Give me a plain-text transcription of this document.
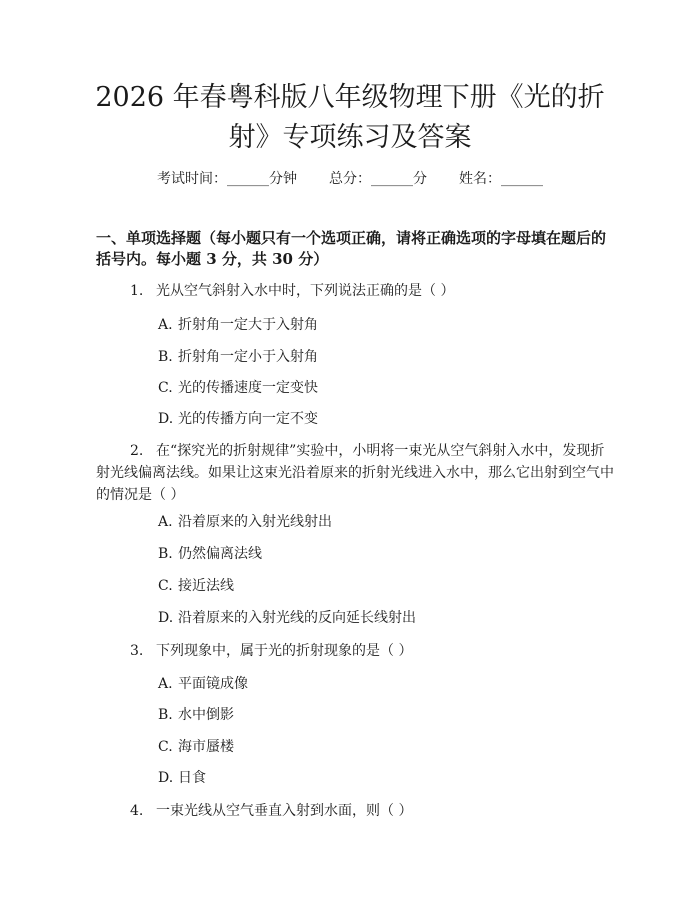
2026 年春粤科版八年级物理下册《光的折
射》专项练习及答案
考试时间：______分钟 总分：______分 姓名：______
一、单项选择题（每小题只有一个选项正确，请将正确选项的字母填在题后的括号内。每小题 3 分，共 30 分）
1. 光从空气斜射入水中时，下列说法正确的是（ ）
A. 折射角一定大于入射角
B. 折射角一定小于入射角
C. 光的传播速度一定变快
D. 光的传播方向一定不变
2. 在“探究光的折射规律”实验中，小明将一束光从空气斜射入水中，发现折射光线偏离法线。如果让这束光沿着原来的折射光线进入水中，那么它出射到空气中的情况是（ ）
A. 沿着原来的入射光线射出
B. 仍然偏离法线
C. 接近法线
D. 沿着原来的入射光线的反向延长线射出
3. 下列现象中，属于光的折射现象的是（ ）
A. 平面镜成像
B. 水中倒影
C. 海市蜃楼
D. 日食
4. 一束光线从空气垂直入射到水面，则（ ）
